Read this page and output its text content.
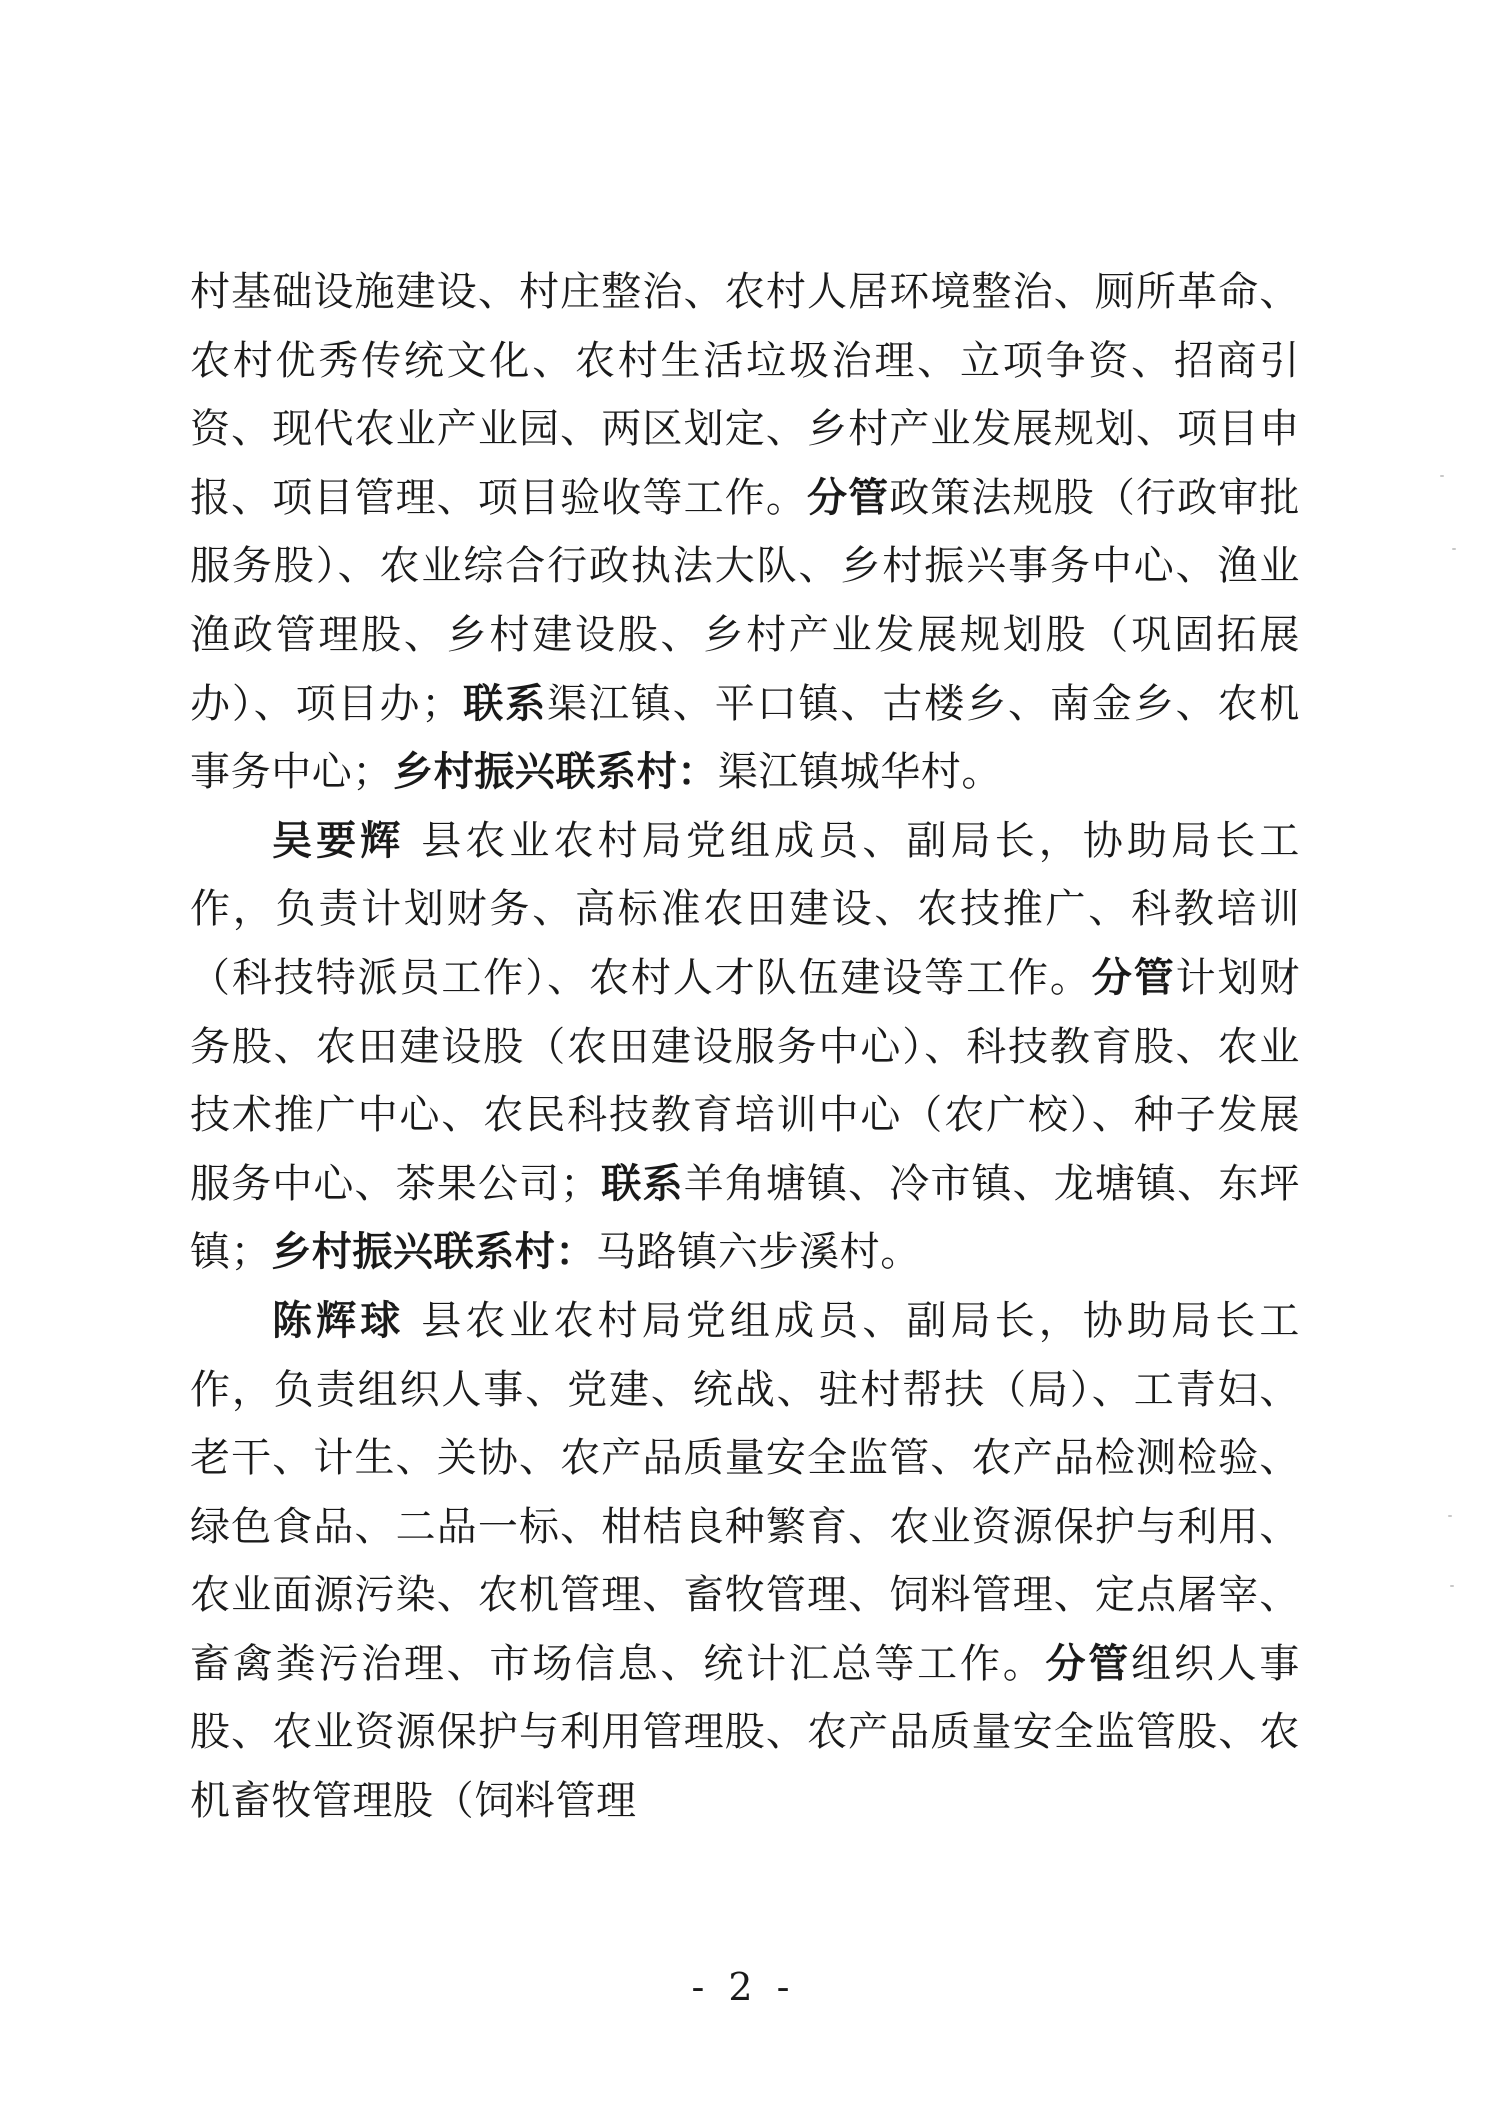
村基础设施建设、村庄整治、农村人居环境整治、厕所革命、农村优秀传统文化、农村生活垃圾治理、立项争资、招商引资、现代农业产业园、两区划定、乡村产业发展规划、项目申报、项目管理、项目验收等工作。分管政策法规股（行政审批服务股）、农业综合行政执法大队、乡村振兴事务中心、渔业渔政管理股、乡村建设股、乡村产业发展规划股（巩固拓展办）、项目办；联系渠江镇、平口镇、古楼乡、南金乡、农机事务中心；乡村振兴联系村：渠江镇城华村。

吴要辉 县农业农村局党组成员、副局长，协助局长工作，负责计划财务、高标准农田建设、农技推广、科教培训（科技特派员工作）、农村人才队伍建设等工作。分管计划财务股、农田建设股（农田建设服务中心）、科技教育股、农业技术推广中心、农民科技教育培训中心（农广校）、种子发展服务中心、茶果公司；联系羊角塘镇、冷市镇、龙塘镇、东坪镇；乡村振兴联系村：马路镇六步溪村。

陈辉球 县农业农村局党组成员、副局长，协助局长工作，负责组织人事、党建、统战、驻村帮扶（局）、工青妇、老干、计生、关协、农产品质量安全监管、农产品检测检验、绿色食品、二品一标、柑桔良种繁育、农业资源保护与利用、农业面源污染、农机管理、畜牧管理、饲料管理、定点屠宰、畜禽粪污治理、市场信息、统计汇总等工作。分管组织人事股、农业资源保护与利用管理股、农产品质量安全监管股、农机畜牧管理股（饲料管理

- 2 -
